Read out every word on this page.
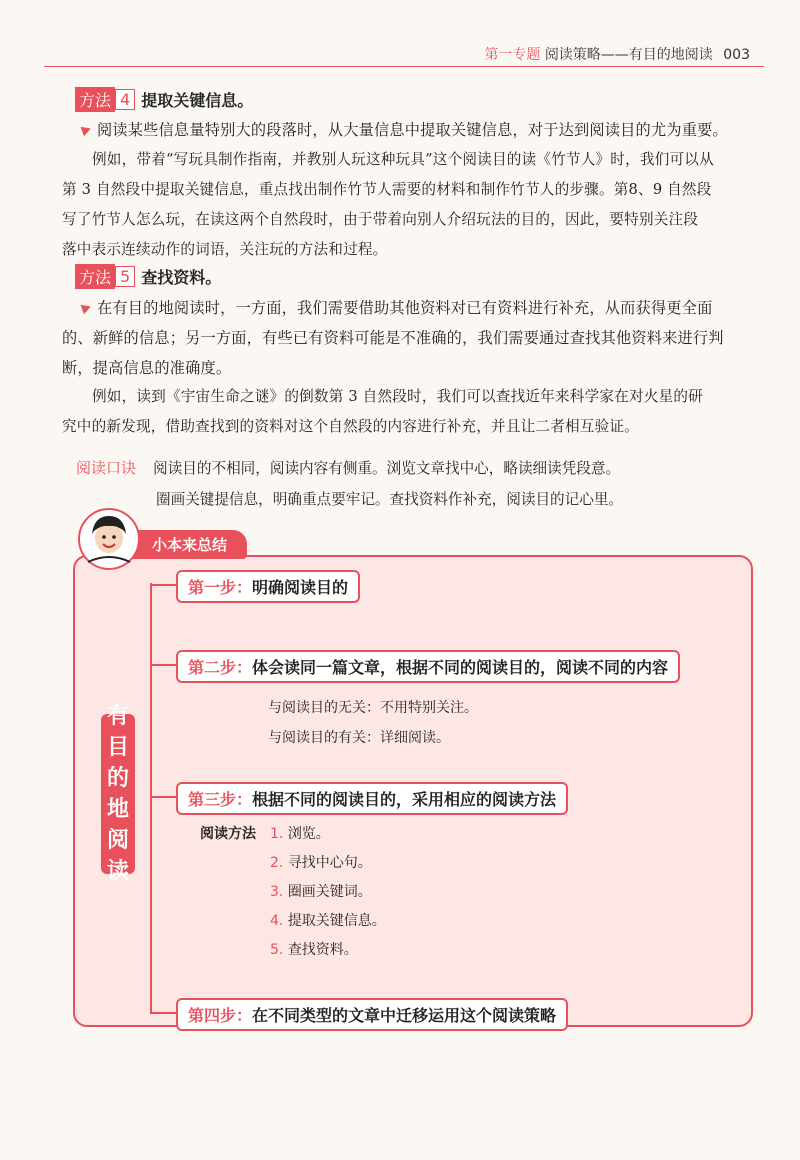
第一专题 阅读策略——有目的地阅读 003
方法 4 提取关键信息。
阅读某些信息量特别大的段落时，从大量信息中提取关键信息，对于达到阅读目的尤为重要。
例如，带着“写玩具制作指南，并教别人玩这种玩具”这个阅读目的读《竹节人》时，我们可以从
第 3 自然段中提取关键信息，重点找出制作竹节人需要的材料和制作竹节人的步骤。第8、9 自然段
写了竹节人怎么玩，在读这两个自然段时，由于带着向别人介绍玩法的目的，因此，要特别关注段
落中表示连续动作的词语，关注玩的方法和过程。
方法 5 查找资料。
在有目的地阅读时，一方面，我们需要借助其他资料对已有资料进行补充，从而获得更全面
的、新鲜的信息；另一方面，有些已有资料可能是不准确的，我们需要通过查找其他资料来进行判
断，提高信息的准确度。
例如，读到《宇宙生命之谜》的倒数第 3 自然段时，我们可以查找近年来科学家在对火星的研
究中的新发现，借助查找到的资料对这个自然段的内容进行补充，并且让二者相互验证。
阅读口诀 阅读目的不相同，阅读内容有侧重。浏览文章找中心，略读细读凭段意。
圈画关键提信息，明确重点要牢记。查找资料作补充，阅读目的记心里。
小本来总结
有
目
的
地
阅
读
第一步：明确阅读目的
第二步：体会读同一篇文章，根据不同的阅读目的，阅读不同的内容
与阅读目的无关：不用特别关注。
与阅读目的有关：详细阅读。
第三步：根据不同的阅读目的，采用相应的阅读方法
阅读方法	1. 浏览。
2. 寻找中心句。
3. 圈画关键词。
4. 提取关键信息。
5. 查找资料。
第四步：在不同类型的文章中迁移运用这个阅读策略
